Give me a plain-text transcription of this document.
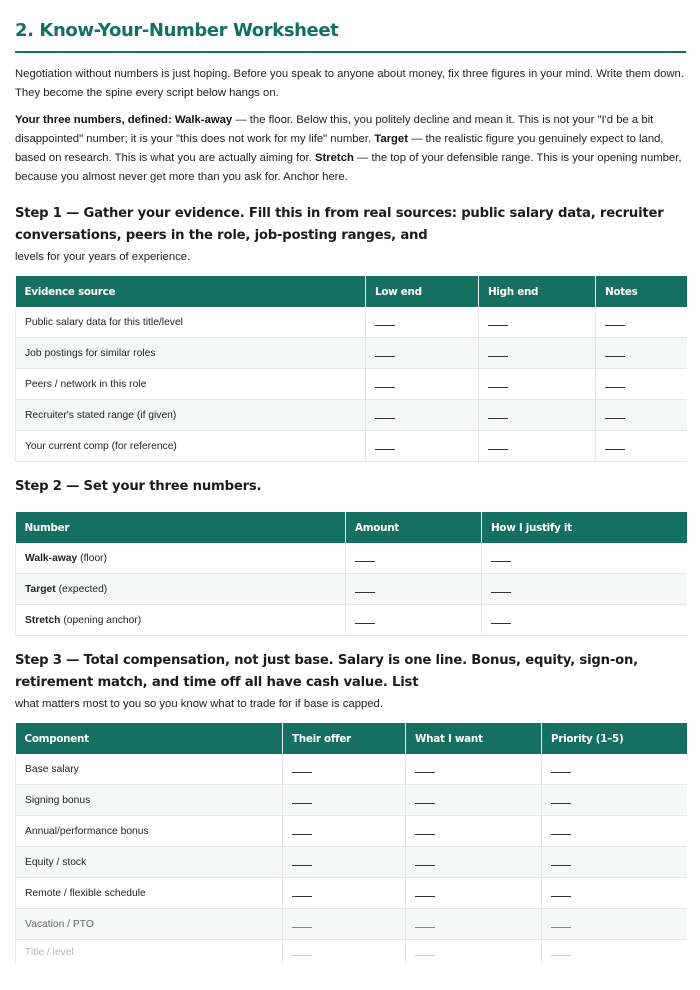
2. Know-Your-Number Worksheet

Negotiation without numbers is just hoping. Before you speak to anyone about money, fix three figures in your mind. Write them down. They become the spine every script below hangs on.

Your three numbers, defined: Walk-away — the floor. Below this, you politely decline and mean it. This is not your "I'd be a bit disappointed" number; it is your "this does not work for my life" number. Target — the realistic figure you genuinely expect to land, based on research. This is what you are actually aiming for. Stretch — the top of your defensible range. This is your opening number, because you almost never get more than you ask for. Anchor here.

Step 1 — Gather your evidence. Fill this in from real sources: public salary data, recruiter conversations, peers in the role, job-posting ranges, and
levels for your years of experience.
Evidence source	Low end	High end	Notes
Public salary data for this title/level			
Job postings for similar roles			
Peers / network in this role			
Recruiter's stated range (if given)			
Your current comp (for reference)			
Step 2 — Set your three numbers.
Number	Amount	How I justify it
Walk-away (floor)		
Target (expected)		
Stretch (opening anchor)		
Step 3 — Total compensation, not just base. Salary is one line. Bonus, equity, sign-on, retirement match, and time off all have cash value. List
what matters most to you so you know what to trade for if base is capped.
Component	Their offer	What I want	Priority (1–5)
Base salary			
Signing bonus			
Annual/performance bonus			
Equity / stock			
Remote / flexible schedule			
Vacation / PTO			
Title / level			
